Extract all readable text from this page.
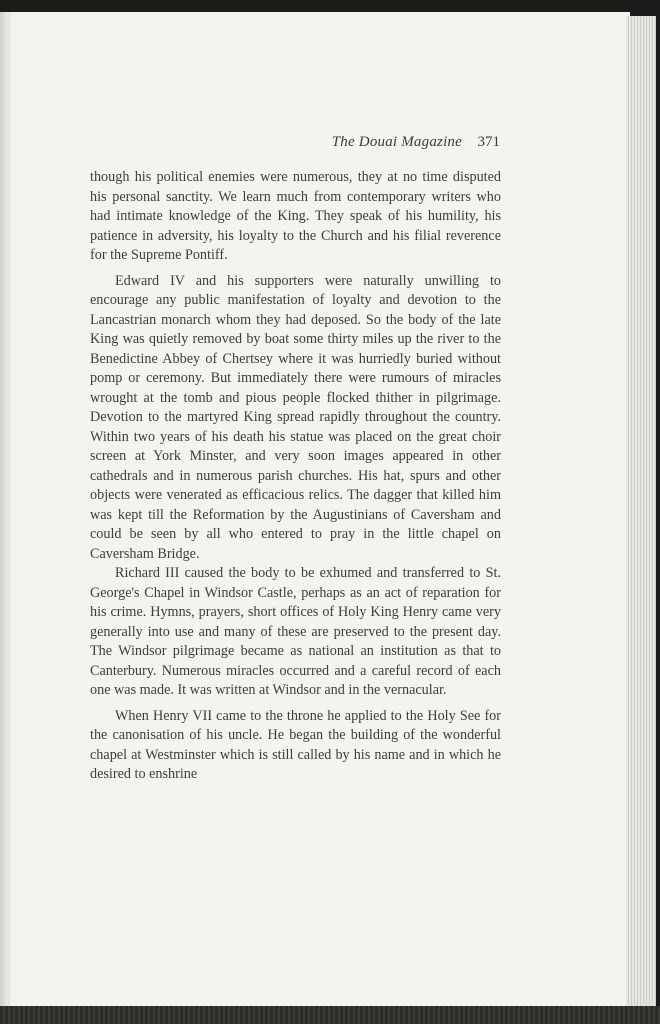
The Douai Magazine 371

though his political enemies were numerous, they at no time disputed his personal sanctity. We learn much from contemporary writers who had intimate knowledge of the King. They speak of his humility, his patience in adversity, his loyalty to the Church and his filial reverence for the Supreme Pontiff.

Edward IV and his supporters were naturally unwilling to encourage any public manifestation of loyalty and devotion to the Lancastrian monarch whom they had deposed. So the body of the late King was quietly removed by boat some thirty miles up the river to the Benedictine Abbey of Chertsey where it was hurriedly buried without pomp or ceremony. But immediately there were rumours of miracles wrought at the tomb and pious people flocked thither in pilgrimage. Devotion to the martyred King spread rapidly throughout the country. Within two years of his death his statue was placed on the great choir screen at York Minster, and very soon images appeared in other cathedrals and in numerous parish churches. His hat, spurs and other objects were venerated as efficacious relics. The dagger that killed him was kept till the Reformation by the Augustinians of Caversham and could be seen by all who entered to pray in the little chapel on Caversham Bridge.

Richard III caused the body to be exhumed and transferred to St. George's Chapel in Windsor Castle, perhaps as an act of reparation for his crime. Hymns, prayers, short offices of Holy King Henry came very generally into use and many of these are preserved to the present day. The Windsor pilgrimage became as national an institution as that to Canterbury. Numerous miracles occurred and a careful record of each one was made. It was written at Windsor and in the vernacular.

When Henry VII came to the throne he applied to the Holy See for the canonisation of his uncle. He began the building of the wonderful chapel at Westminster which is still called by his name and in which he desired to enshrine
